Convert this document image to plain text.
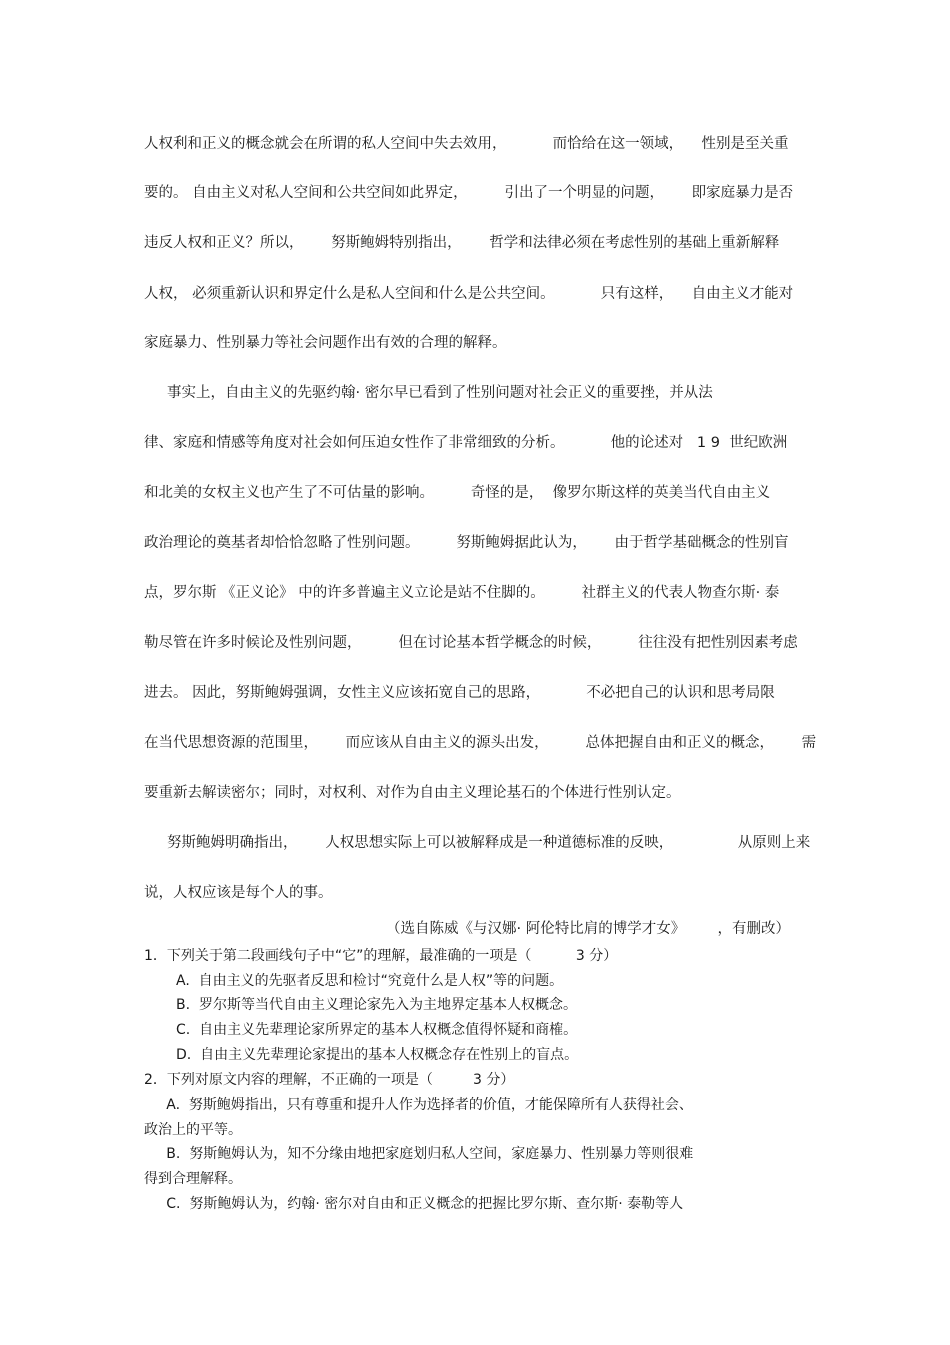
人权利和正义的概念就会在所谓的私人空间中失去效用，          而恰给在这一领域，    性别是至关重
要的。 自由主义对私人空间和公共空间如此界定，        引出了一个明显的问题，      即家庭暴力是否
违反人权和正义？所以，      努斯鲍姆特别指出，      哲学和法律必须在考虑性别的基础上重新解释
人权， 必须重新认识和界定什么是私人空间和什么是公共空间。          只有这样，    自由主义才能对
家庭暴力、性别暴力等社会问题作出有效的合理的解释。
事实上，自由主义的先驱约翰· 密尔早已看到了性别问题对社会正义的重要挫，并从法
律、家庭和情感等角度对社会如何压迫女性作了非常细致的分析。          他的论述对   1 9  世纪欧洲
和北美的女权主义也产生了不可估量的影响。        奇怪的是，  像罗尔斯这样的英美当代自由主义
政治理论的奠基者却恰恰忽略了性别问题。        努斯鲍姆据此认为，      由于哲学基础概念的性别盲
点，罗尔斯 《正义论》 中的许多普遍主义立论是站不住脚的。        社群主义的代表人物查尔斯· 泰
勒尽管在许多时候论及性别问题，        但在讨论基本哲学概念的时候，        往往没有把性别因素考虑
进去。 因此，努斯鲍姆强调，女性主义应该拓宽自己的思路，          不必把自己的认识和思考局限
在当代思想资源的范围里，      而应该从自由主义的源头出发，        总体把握自由和正义的概念，      需
要重新去解读密尔；同时，对权利、对作为自由主义理论基石的个体进行性别认定。
努斯鲍姆明确指出，      人权思想实际上可以被解释成是一种道德标准的反映，              从原则上来
说，人权应该是每个人的事。
（选自陈威《与汉娜· 阿伦特比肩的博学才女》       ，有删改）
1．下列关于第二段画线句子中“它”的理解，最准确的一项是（          3 分）
A.  自由主义的先驱者反思和检讨“究竟什么是人权”等的问题。
B.  罗尔斯等当代自由主义理论家先入为主地界定基本人权概念。
C.  自由主义先辈理论家所界定的基本人权概念值得怀疑和商榷。
D.  自由主义先辈理论家提出的基本人权概念存在性别上的盲点。
2．下列对原文内容的理解，不正确的一项是（         3 分）
A.  努斯鲍姆指出，只有尊重和提升人作为选择者的价值，才能保障所有人获得社会、
政治上的平等。
B.  努斯鲍姆认为，知不分缘由地把家庭划归私人空间，家庭暴力、性别暴力等则很难
得到合理解释。
C.  努斯鲍姆认为，约翰· 密尔对自由和正义概念的把握比罗尔斯、查尔斯· 泰勒等人
